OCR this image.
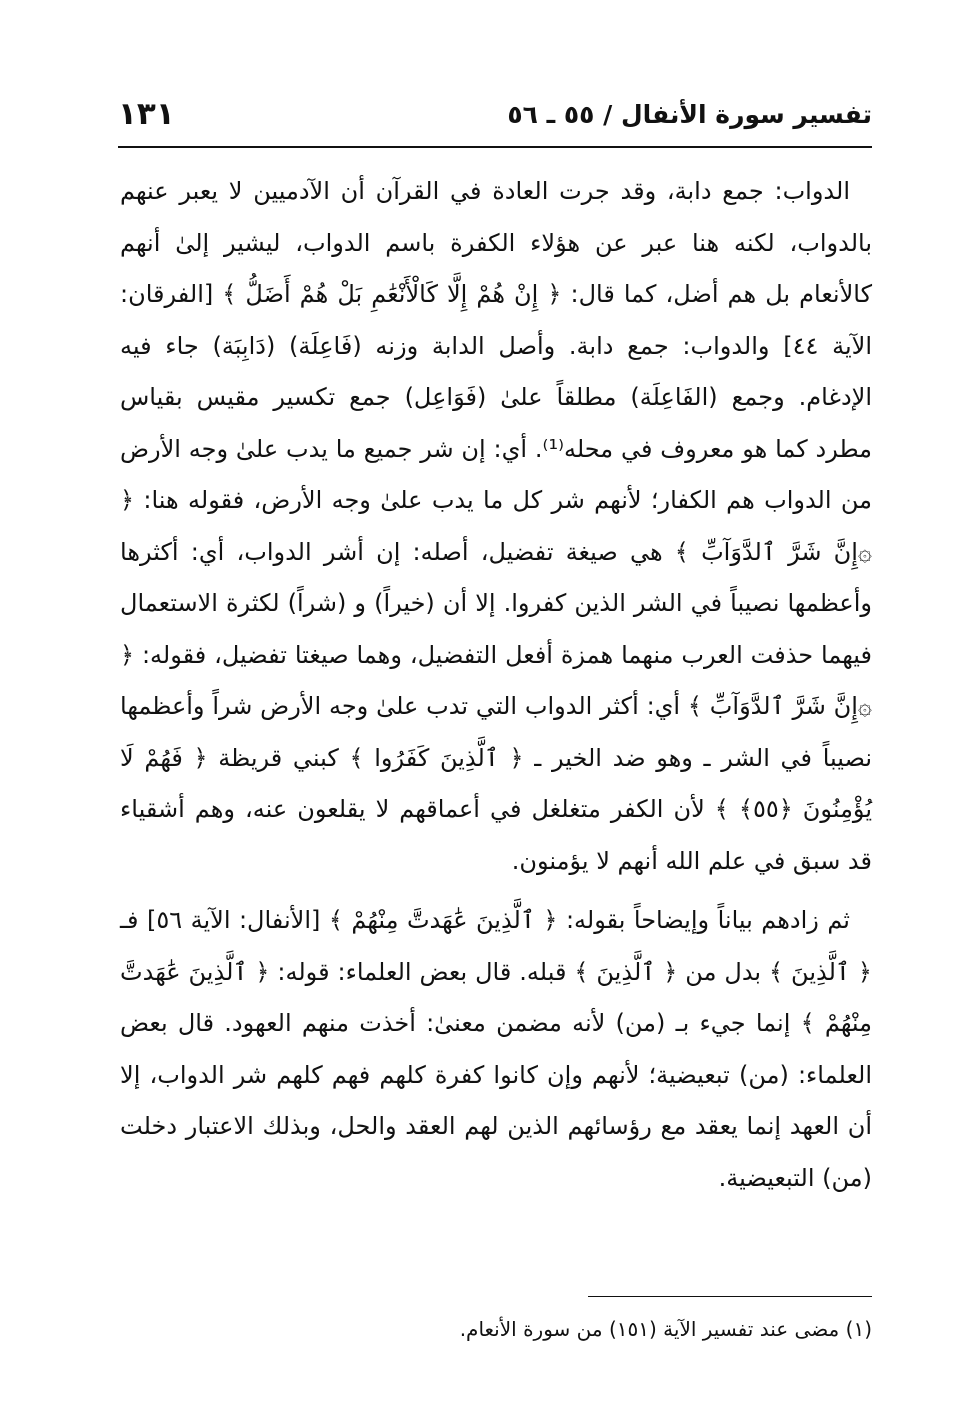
تفسير سورة الأنفال / ٥٥ ـ ٥٦
١٣١

الدواب: جمع دابة، وقد جرت العادة في القرآن أن الآدميين لا يعبر عنهم بالدواب، لكنه هنا عبر عن هؤلاء الكفرة باسم الدواب، ليشير إلىٰ أنهم كالأنعام بل هم أضل، كما قال: ﴿ إِنْ هُمْ إِلَّا كَالْأَنْعَٰمِ بَلْ هُمْ أَضَلُّ ﴾ [الفرقان: الآية ٤٤] والدواب: جمع دابة. وأصل الدابة وزنه (فَاعِلَة) (دَابِبَة) جاء فيه الإدغام. وجمع (الفَاعِلَة) مطلقاً علىٰ (فَوَاعِل) جمع تكسير مقيس بقياس مطرد كما هو معروف في محله⁽¹⁾. أي: إن شر جميع ما يدب علىٰ وجه الأرض من الدواب هم الكفار؛ لأنهم شر كل ما يدب علىٰ وجه الأرض، فقوله هنا: ﴿ ۞إِنَّ شَرَّ ٱلدَّوَآبِّ ﴾ هي صيغة تفضيل، أصله: إن أشر الدواب، أي: أكثرها وأعظمها نصيباً في الشر الذين كفروا. إلا أن (خيراً) و (شراً) لكثرة الاستعمال فيهما حذفت العرب منهما همزة أفعل التفضيل، وهما صيغتا تفضيل، فقوله: ﴿ ۞إِنَّ شَرَّ ٱلدَّوَآبِّ ﴾ أي: أكثر الدواب التي تدب علىٰ وجه الأرض شراً وأعظمها نصيباً في الشر ـ وهو ضد الخير ـ ﴿ ٱلَّذِينَ كَفَرُوا ﴾ كبني قريظة ﴿ فَهُمْ لَا يُؤْمِنُونَ ﴿٥٥﴾ ﴾ لأن الكفر متغلغل في أعماقهم لا يقلعون عنه، وهم أشقياء قد سبق في علم الله أنهم لا يؤمنون.

ثم زادهم بياناً وإيضاحاً بقوله: ﴿ ٱلَّذِينَ عَٰهَدتَّ مِنْهُمْ ﴾ [الأنفال: الآية ٥٦] فـ ﴿ ٱلَّذِينَ ﴾ بدل من ﴿ ٱلَّذِينَ ﴾ قبله. قال بعض العلماء: قوله: ﴿ ٱلَّذِينَ عَٰهَدتَّ مِنْهُمْ ﴾ إنما جيء بـ (من) لأنه مضمن معنىٰ: أخذت منهم العهود. قال بعض العلماء: (من) تبعيضية؛ لأنهم وإن كانوا كفرة كلهم فهم كلهم شر الدواب، إلا أن العهد إنما يعقد مع رؤسائهم الذين لهم العقد والحل، وبذلك الاعتبار دخلت (من) التبعيضية.

(١) مضى عند تفسير الآية (١٥١) من سورة الأنعام.
